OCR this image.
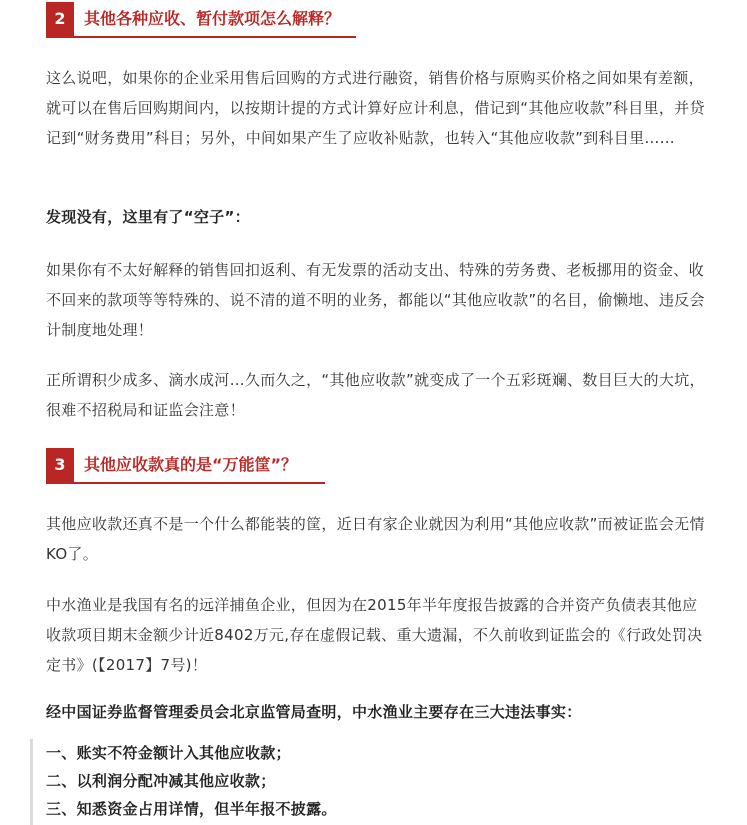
2	其他各种应收、暂付款项怎么解释？

这么说吧，如果你的企业采用售后回购的方式进行融资，销售价格与原购买价格之间如果有差额，就可以在售后回购期间内，以按期计提的方式计算好应计利息，借记到“其他应收款”科目里，并贷记到“财务费用”科目；另外，中间如果产生了应收补贴款，也转入“其他应收款”到科目里……

发现没有，这里有了“空子”：

如果你有不太好解释的销售回扣返利、有无发票的活动支出、特殊的劳务费、老板挪用的资金、收不回来的款项等等特殊的、说不清的道不明的业务，都能以“其他应收款”的名目，偷懒地、违反会计制度地处理！

正所谓积少成多、滴水成河…久而久之，“其他应收款”就变成了一个五彩斑斓、数目巨大的大坑，很难不招税局和证监会注意！

3	其他应收款真的是“万能筐”？

其他应收款还真不是一个什么都能装的筐，近日有家企业就因为利用“其他应收款”而被证监会无情KO了。

中水渔业是我国有名的远洋捕鱼企业，但因为在2015年半年度报告披露的合并资产负债表其他应收款项目期末金额少计近8402万元,存在虚假记载、重大遗漏，不久前收到证监会的《行政处罚决定书》(【2017】7号)！

经中国证券监督管理委员会北京监管局查明，中水渔业主要存在三大违法事实：

一、账实不符金额计入其他应收款；
二、以利润分配冲减其他应收款；
三、知悉资金占用详情，但半年报不披露。
